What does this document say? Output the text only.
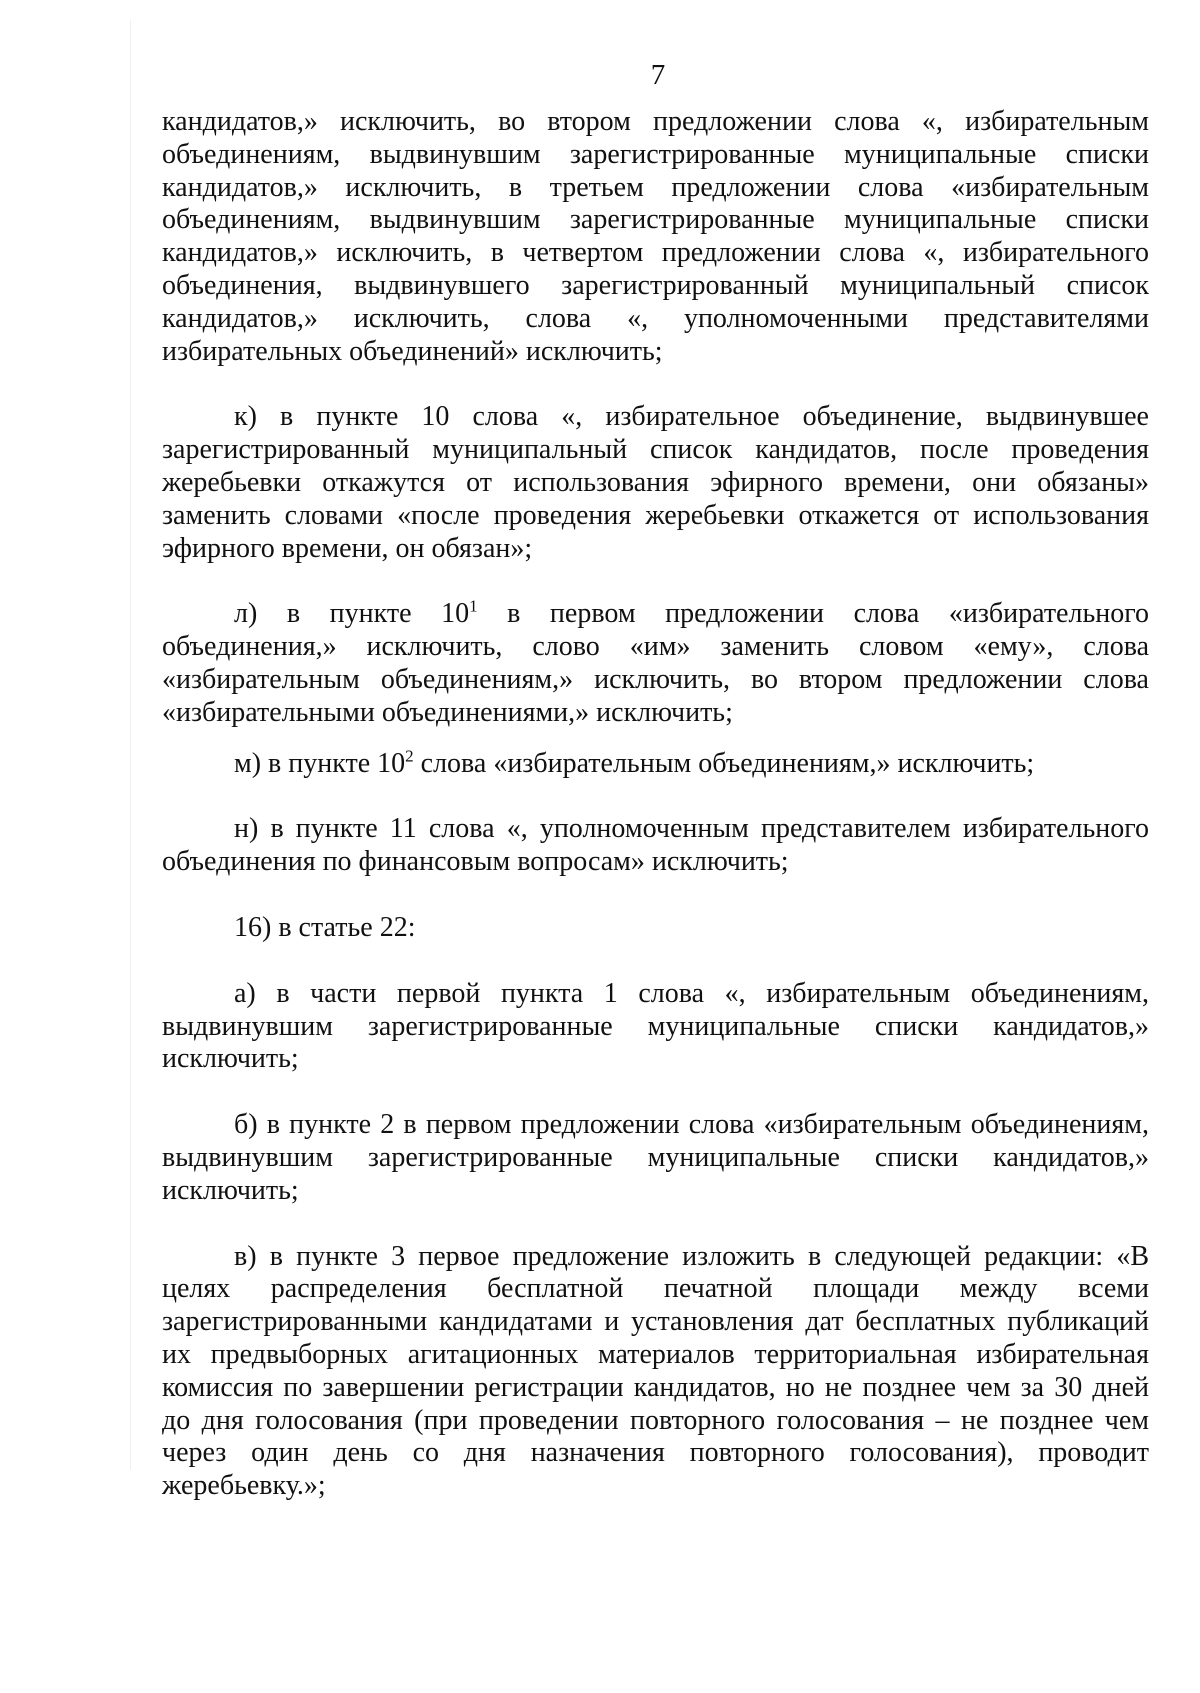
7

кандидатов,» исключить, во втором предложении слова «, избирательным объединениям, выдвинувшим зарегистрированные муниципальные списки кандидатов,» исключить, в третьем предложении слова «избирательным объединениям, выдвинувшим зарегистрированные муниципальные списки кандидатов,» исключить, в четвертом предложении слова «, избирательного объединения, выдвинувшего зарегистрированный муниципальный список кандидатов,» исключить, слова «, уполномоченными представителями избирательных объединений» исключить;

к) в пункте 10 слова «, избирательное объединение, выдвинувшее зарегистрированный муниципальный список кандидатов, после проведения жеребьевки откажутся от использования эфирного времени, они обязаны» заменить словами «после проведения жеребьевки откажется от использования эфирного времени, он обязан»;

л) в пункте $10^1$ в первом предложении слова «избирательного объединения,» исключить, слово «им» заменить словом «ему», слова «избирательным объединениям,» исключить, во втором предложении слова «избирательными объединениями,» исключить;

м) в пункте $10^2$ слова «избирательным объединениям,» исключить;

н) в пункте 11 слова «, уполномоченным представителем избирательного объединения по финансовым вопросам» исключить;

16) в статье 22:

а) в части первой пункта 1 слова «, избирательным объединениям, выдвинувшим зарегистрированные муниципальные списки кандидатов,» исключить;

б) в пункте 2 в первом предложении слова «избирательным объединениям, выдвинувшим зарегистрированные муниципальные списки кандидатов,» исключить;

в) в пункте 3 первое предложение изложить в следующей редакции: «В целях распределения бесплатной печатной площади между всеми зарегистрированными кандидатами и установления дат бесплатных публикаций их предвыборных агитационных материалов территориальная избирательная комиссия по завершении регистрации кандидатов, но не позднее чем за 30 дней до дня голосования (при проведении повторного голосования – не позднее чем через один день со дня назначения повторного голосования), проводит жеребьевку.»;
